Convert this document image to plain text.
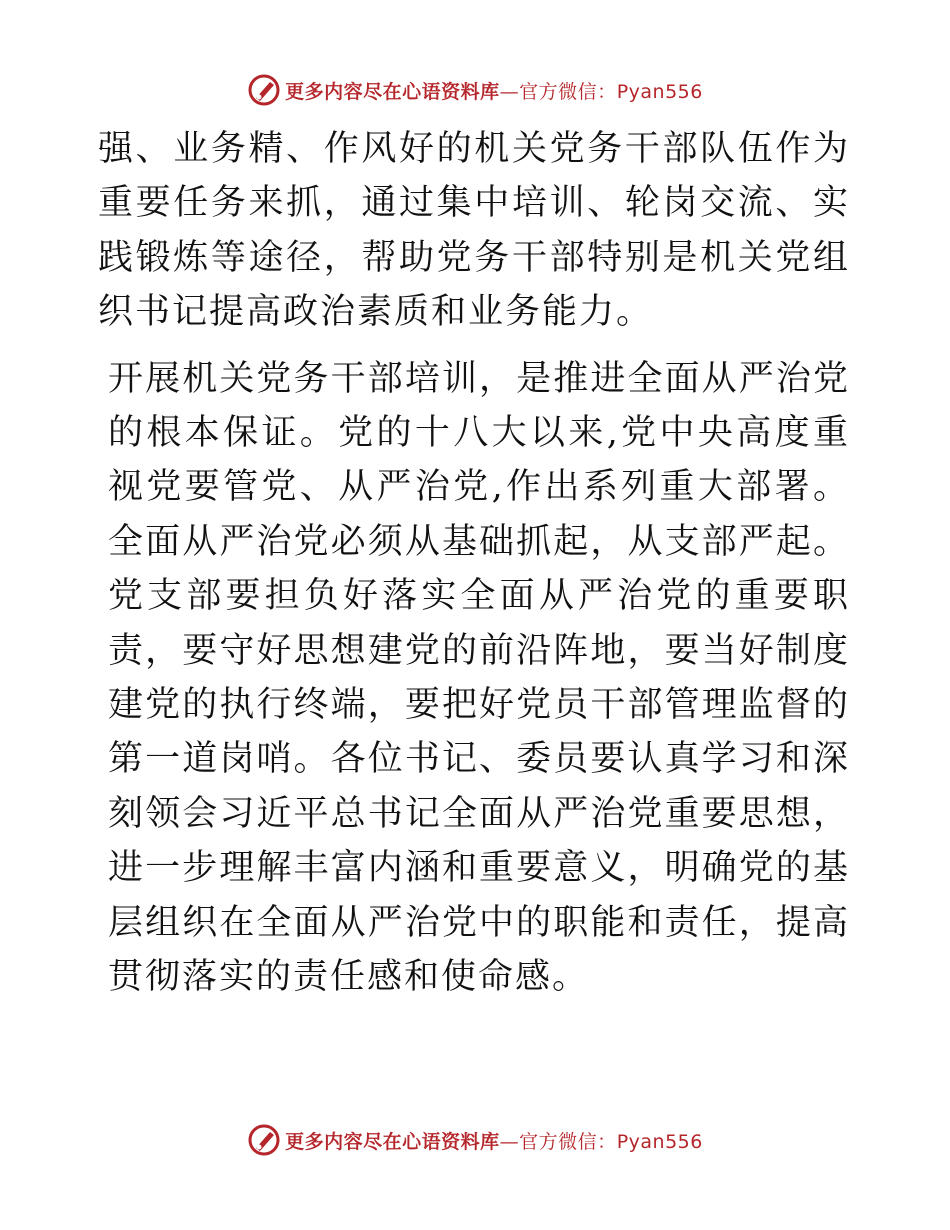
更多内容尽在心语资料库—官方微信：Pyan556

强、业务精、作风好的机关党务干部队伍作为重要任务来抓，通过集中培训、轮岗交流、实践锻炼等途径，帮助党务干部特别是机关党组织书记提高政治素质和业务能力。

开展机关党务干部培训，是推进全面从严治党的根本保证。党的十八大以来,党中央高度重视党要管党、从严治党,作出系列重大部署。全面从严治党必须从基础抓起，从支部严起。党支部要担负好落实全面从严治党的重要职责，要守好思想建党的前沿阵地，要当好制度建党的执行终端，要把好党员干部管理监督的第一道岗哨。各位书记、委员要认真学习和深刻领会习近平总书记全面从严治党重要思想，进一步理解丰富内涵和重要意义，明确党的基层组织在全面从严治党中的职能和责任，提高贯彻落实的责任感和使命感。

更多内容尽在心语资料库—官方微信：Pyan556
